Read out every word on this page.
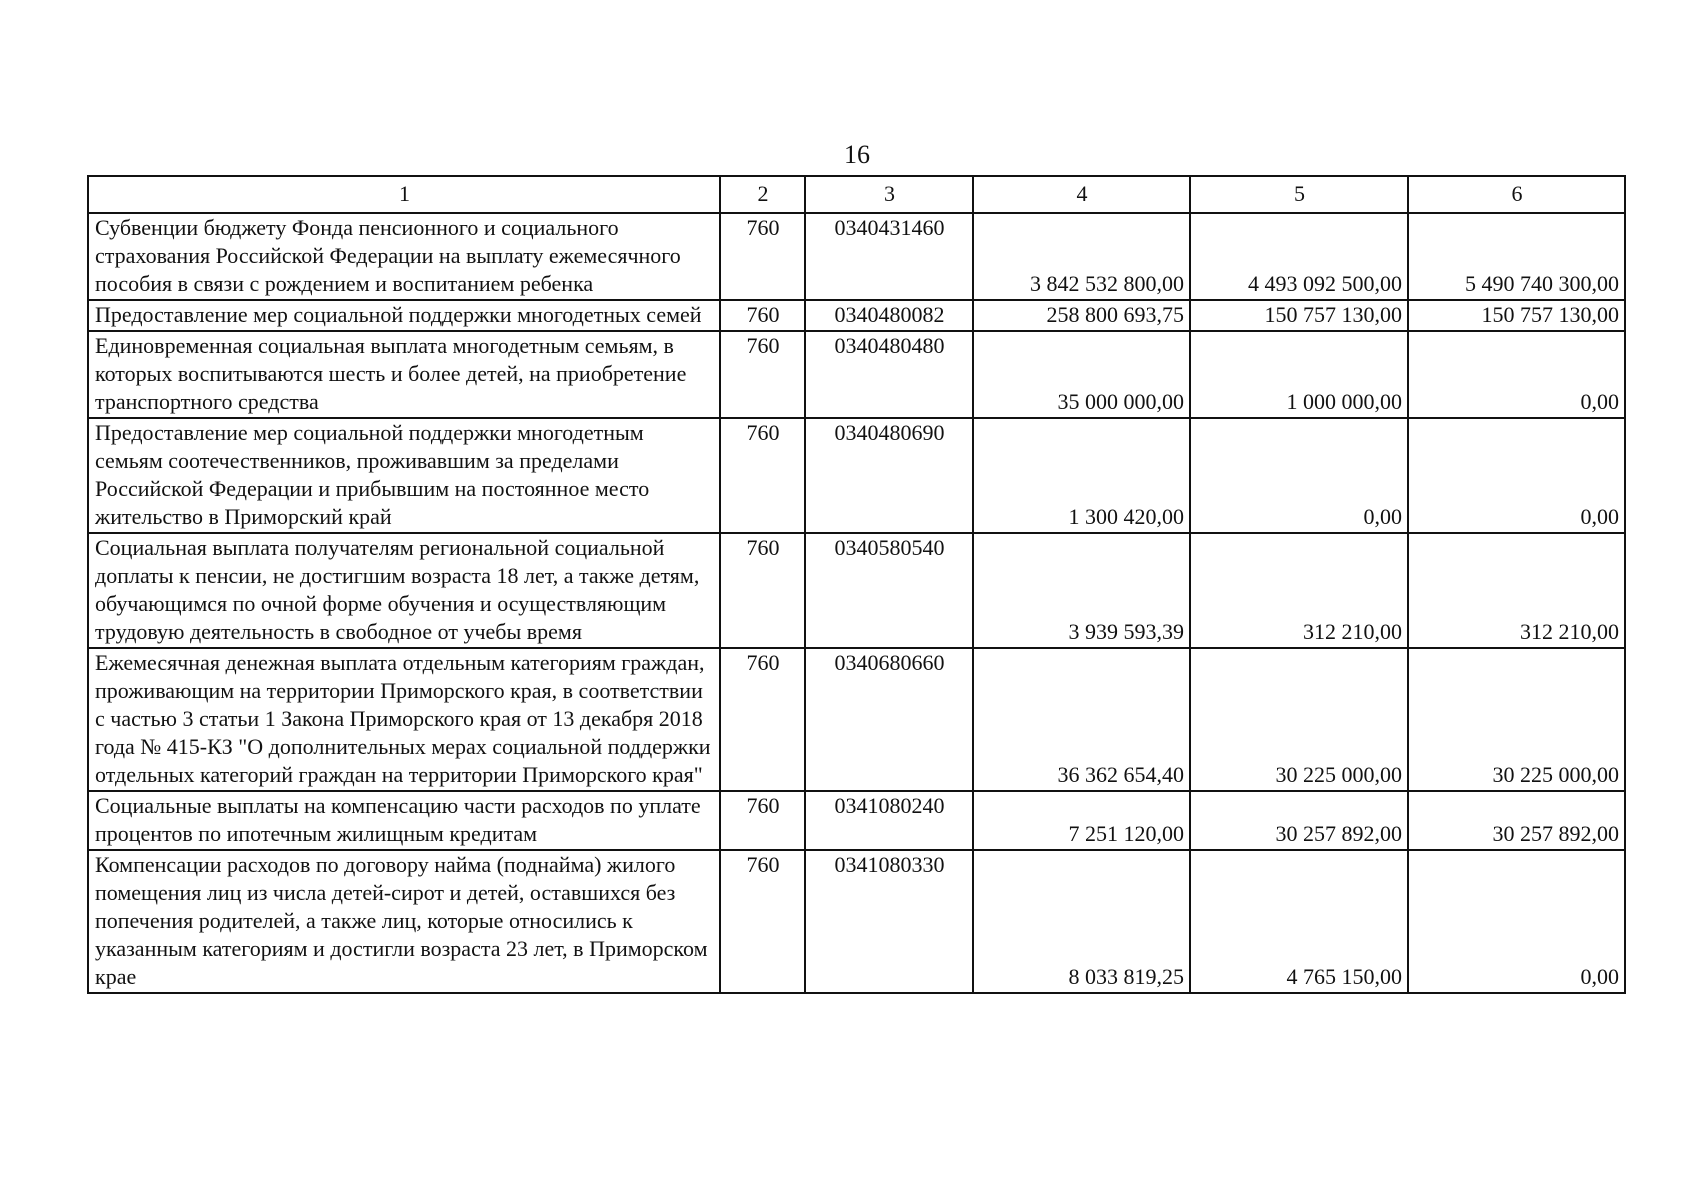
16
1	2	3	4	5	6
Субвенции бюджету Фонда пенсионного и социального страхования Российской Федерации на выплату ежемесячного пособия в связи с рождением и воспитанием ребенка	760	0340431460	3 842 532 800,00	4 493 092 500,00	5 490 740 300,00
Предоставление мер социальной поддержки многодетных семей	760	0340480082	258 800 693,75	150 757 130,00	150 757 130,00
Единовременная социальная выплата многодетным семьям, в которых воспитываются шесть и более детей, на приобретение транспортного средства	760	0340480480	35 000 000,00	1 000 000,00	0,00
Предоставление мер социальной поддержки многодетным семьям соотечественников, проживавшим за пределами Российской Федерации и прибывшим на постоянное место жительство в Приморский край	760	0340480690	1 300 420,00	0,00	0,00
Социальная выплата получателям региональной социальной доплаты к пенсии, не достигшим возраста 18 лет, а также детям, обучающимся по очной форме обучения и осуществляющим трудовую деятельность в свободное от учебы время	760	0340580540	3 939 593,39	312 210,00	312 210,00
Ежемесячная денежная выплата отдельным категориям граждан, проживающим на территории Приморского края, в соответствии с частью 3 статьи 1 Закона Приморского края от 13 декабря 2018 года № 415-КЗ "О дополнительных мерах социальной поддержки отдельных категорий граждан на территории Приморского края"	760	0340680660	36 362 654,40	30 225 000,00	30 225 000,00
Социальные выплаты на компенсацию части расходов по уплате процентов по ипотечным жилищным кредитам	760	0341080240	7 251 120,00	30 257 892,00	30 257 892,00
Компенсации расходов по договору найма (поднайма) жилого помещения лиц из числа детей-сирот и детей, оставшихся без попечения родителей, а также лиц, которые относились к указанным категориям и достигли возраста 23 лет, в Приморском крае	760	0341080330	8 033 819,25	4 765 150,00	0,00
